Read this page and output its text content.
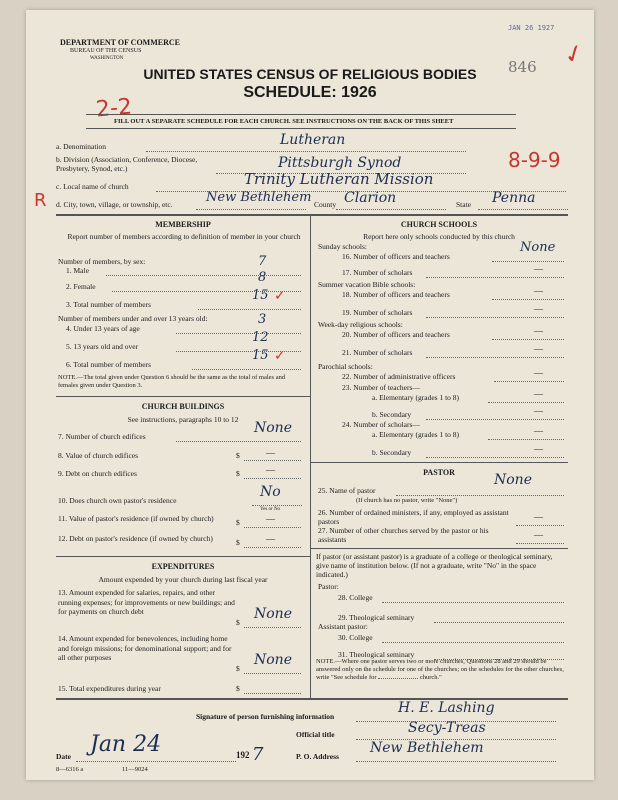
DEPARTMENT OF COMMERCE
BUREAU OF THE CENSUS
WASHINGTON
JAN 26 1927
846 ✓
UNITED STATES CENSUS OF RELIGIOUS BODIES
SCHEDULE: 1926
2-2
FILL OUT A SEPARATE SCHEDULE FOR EACH CHURCH. SEE INSTRUCTIONS ON THE BACK OF THIS SHEET
a. Denomination	Lutheran
b. Division (Association, Conference, Diocese, Presbytery, Synod, etc.)	Pittsburgh Synod	8-9-9
c. Local name of church	Trinity Lutheran Mission
R d. City, town, village, or township, etc.	New Bethlehem County Clarion	State Penna
MEMBERSHIP
Report number of members according to definition of member in your church
Number of members, by sex:
1. Male
7
2. Female
8
3. Total number of members
15 ✓
Number of members under and over 13 years old:
4. Under 13 years of age
3
5. 13 years old and over
12
6. Total number of members
15 ✓
NOTE.—The total given under Question 6 should be the same as the total of males and females given under Question 3.
CHURCH BUILDINGS
See instructions, paragraphs 10 to 12
7. Number of church edifices
None
8. Value of church edifices	$	—
9. Debt on church edifices	$	—
10. Does church own pastor's residence
No
Yes or No
11. Value of pastor's residence (if owned by church)	$	—
12. Debt on pastor's residence (if owned by church)	$	—
EXPENDITURES
Amount expended by your church during last fiscal year
13. Amount expended for salaries, repairs, and other running expenses; for improvements or new buildings; and for payments on church debt
$
None
14. Amount expended for benevolences, including home and foreign missions; for denominational support; and for all other purposes
$
None
15. Total expenditures during year	$
CHURCH SCHOOLS
Report here only schools conducted by this church
Sunday schools:
16. Number of officers and teachers
None
17. Number of scholars	—
Summer vacation Bible schools:
18. Number of officers and teachers	—
19. Number of scholars	—
Week-day religious schools:
20. Number of officers and teachers	—
21. Number of scholars	—
Parochial schools:
22. Number of administrative officers	—
23. Number of teachers—
a. Elementary (grades 1 to 8)	—
b. Secondary	—
24. Number of scholars—
a. Elementary (grades 1 to 8)	—
b. Secondary	—
PASTOR
25. Name of pastor
None
(If church has no pastor, write "None")
26. Number of ordained ministers, if any, employed as assistant pastors	—
27. Number of other churches served by the pastor or his assistants	—
If pastor (or assistant pastor) is a graduate of a college or theological seminary, give name of institution below. (If not a graduate, write "No" in the space indicated.)
Pastor:
28. College
29. Theological seminary
Assistant pastor:
30. College
31. Theological seminary
NOTE.—Where one pastor serves two or more churches, Questions 28 and 29 should be answered only on the schedule for one of the churches; on the schedules for the other churches, write "See schedule for	church."
Signature of person furnishing information
H. E. Lashing
Official title	Secy-Treas
Date Jan 24	192 7	P. O. Address
New Bethlehem
8—6316 a	11—9024
